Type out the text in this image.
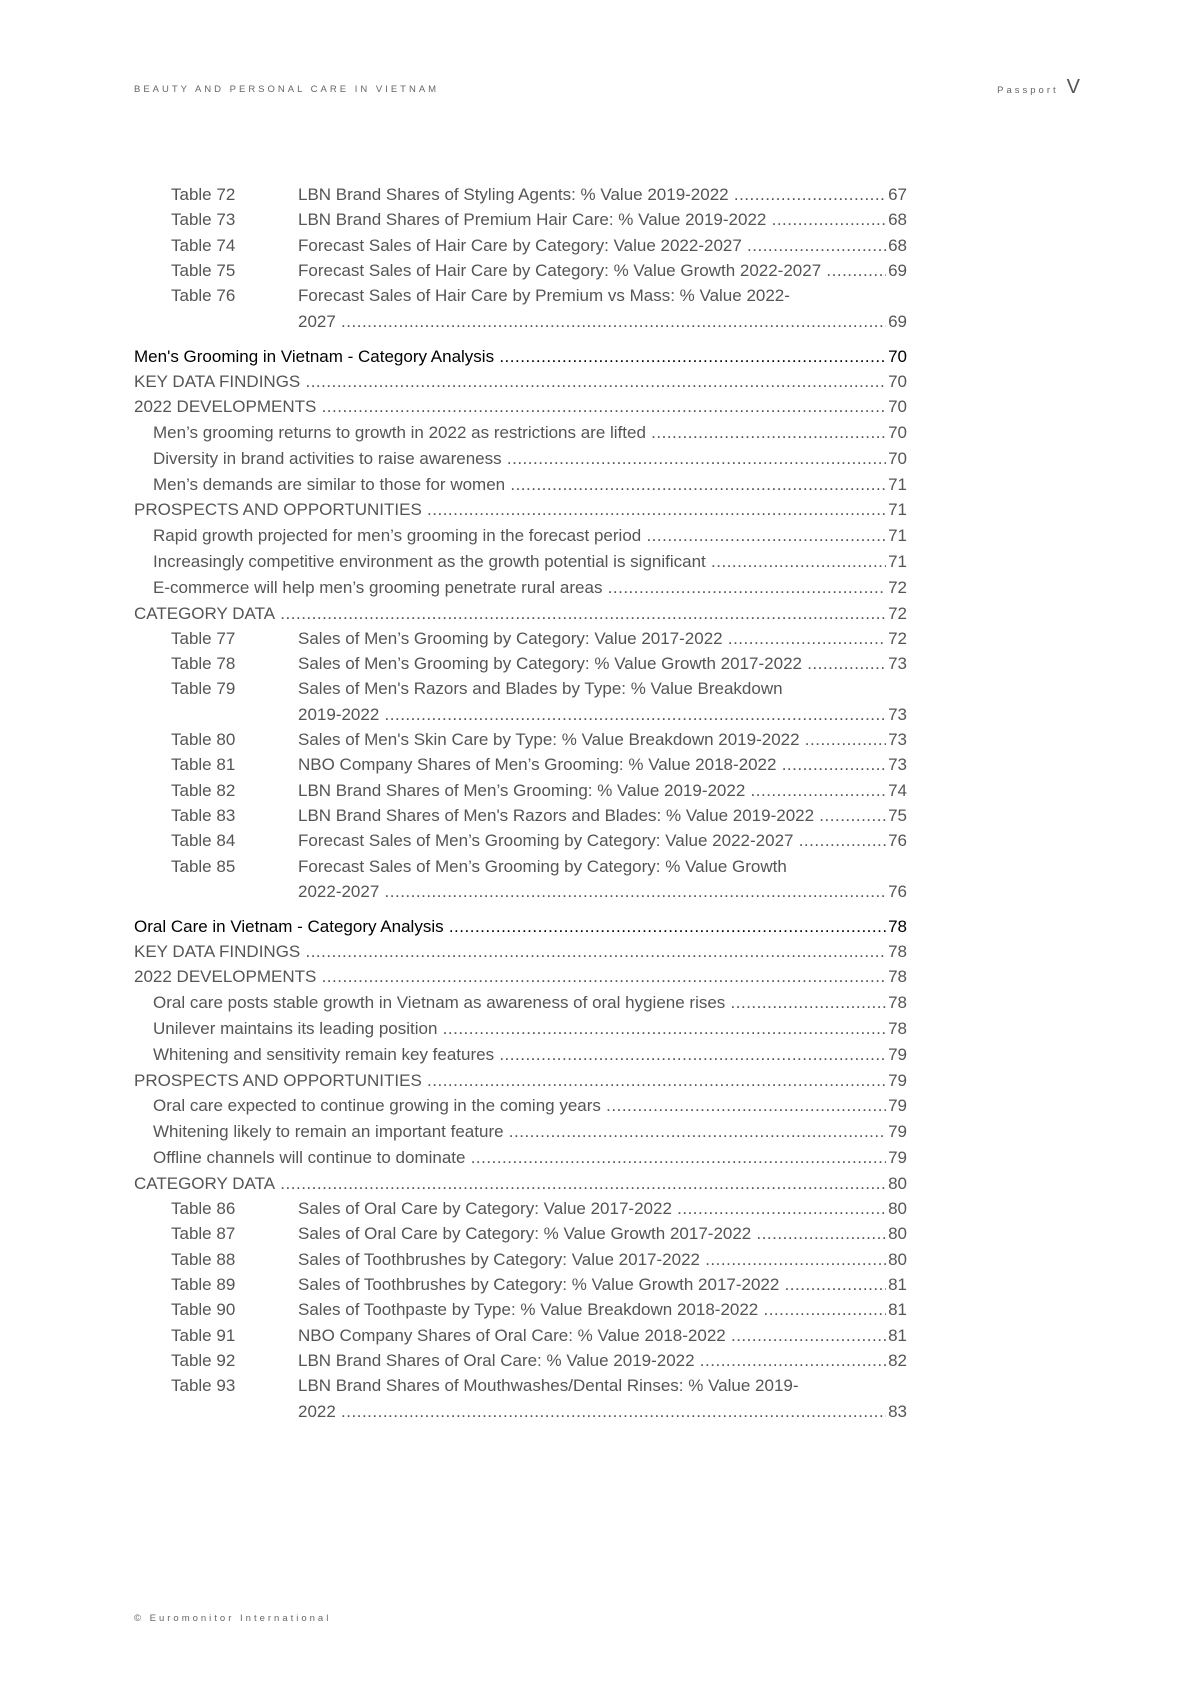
BEAUTY AND PERSONAL CARE IN VIETNAM	Passport V
Table 72	LBN Brand Shares of Styling Agents: % Value 2019-2022 .....	67
Table 73	LBN Brand Shares of Premium Hair Care: % Value 2019-2022 .....	68
Table 74	Forecast Sales of Hair Care by Category: Value 2022-2027 .....	68
Table 75	Forecast Sales of Hair Care by Category: % Value Growth 2022-2027 .....	69
Table 76	Forecast Sales of Hair Care by Premium vs Mass: % Value 2022-
2027 .....	69
Men's Grooming in Vietnam - Category Analysis .....	70
KEY DATA FINDINGS .....	70
2022 DEVELOPMENTS .....	70
Men’s grooming returns to growth in 2022 as restrictions are lifted .....	70
Diversity in brand activities to raise awareness .....	70
Men’s demands are similar to those for women .....	71
PROSPECTS AND OPPORTUNITIES .....	71
Rapid growth projected for men’s grooming in the forecast period .....	71
Increasingly competitive environment as the growth potential is significant .....	71
E-commerce will help men’s grooming penetrate rural areas .....	72
CATEGORY DATA .....	72
Table 77	Sales of Men’s Grooming by Category: Value 2017-2022 .....	72
Table 78	Sales of Men’s Grooming by Category: % Value Growth 2017-2022 .....	73
Table 79	Sales of Men's Razors and Blades by Type: % Value Breakdown
2019-2022 .....	73
Table 80	Sales of Men's Skin Care by Type: % Value Breakdown 2019-2022 .....	73
Table 81	NBO Company Shares of Men’s Grooming: % Value 2018-2022 .....	73
Table 82	LBN Brand Shares of Men’s Grooming: % Value 2019-2022 .....	74
Table 83	LBN Brand Shares of Men's Razors and Blades: % Value 2019-2022 .....	75
Table 84	Forecast Sales of Men’s Grooming by Category: Value 2022-2027 .....	76
Table 85	Forecast Sales of Men’s Grooming by Category: % Value Growth
2022-2027 .....	76
Oral Care in Vietnam - Category Analysis .....	78
KEY DATA FINDINGS .....	78
2022 DEVELOPMENTS .....	78
Oral care posts stable growth in Vietnam as awareness of oral hygiene rises .....	78
Unilever maintains its leading position .....	78
Whitening and sensitivity remain key features .....	79
PROSPECTS AND OPPORTUNITIES .....	79
Oral care expected to continue growing in the coming years .....	79
Whitening likely to remain an important feature .....	79
Offline channels will continue to dominate .....	79
CATEGORY DATA .....	80
Table 86	Sales of Oral Care by Category: Value 2017-2022 .....	80
Table 87	Sales of Oral Care by Category: % Value Growth 2017-2022 .....	80
Table 88	Sales of Toothbrushes by Category: Value 2017-2022 .....	80
Table 89	Sales of Toothbrushes by Category: % Value Growth 2017-2022 .....	81
Table 90	Sales of Toothpaste by Type: % Value Breakdown 2018-2022 .....	81
Table 91	NBO Company Shares of Oral Care: % Value 2018-2022 .....	81
Table 92	LBN Brand Shares of Oral Care: % Value 2019-2022 .....	82
Table 93	LBN Brand Shares of Mouthwashes/Dental Rinses: % Value 2019-
2022 .....	83
© Euromonitor International
